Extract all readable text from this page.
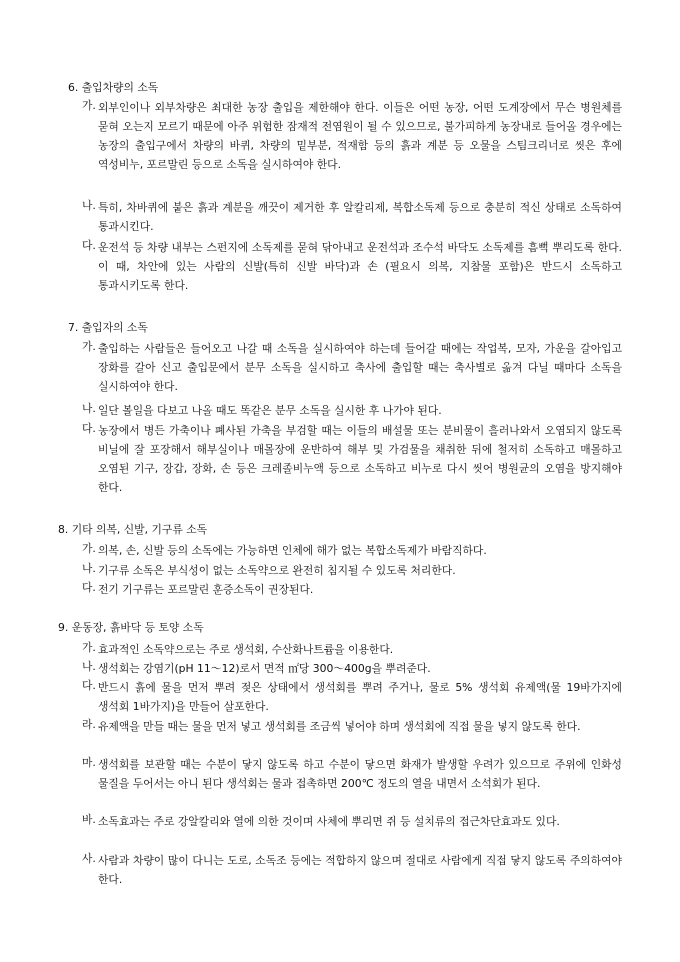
6. 출입차량의 소독
가. 외부인이나 외부차량은 최대한 농장 출입을 제한해야 한다. 이들은 어떤 농장, 어떤 도계장에서 무슨 병원체를 묻혀 오는지 모르기 때문에 아주 위험한 잠재적 전염원이 될 수 있으므로, 불가피하게 농장내로 들어올 경우에는 농장의 출입구에서 차량의 바퀴, 차량의 밑부분, 적재함 등의 흙과 계분 등 오물을 스팀크리너로 씻은 후에 역성비누, 포르말린 등으로 소독을 실시하여야 한다.
나. 특히, 차바퀴에 붙은 흙과 계분을 깨끗이 제거한 후 알칼리제, 복합소독제 등으로 충분히 적신 상태로 소독하여 통과시킨다.
다. 운전석 등 차량 내부는 스펀지에 소독제를 묻혀 닦아내고 운전석과 조수석 바닥도 소독제를 흠뻑 뿌리도록 한다. 이 때, 차안에 있는 사람의 신발(특히 신발 바닥)과 손 (필요시 의복, 지참물 포함)은 반드시 소독하고 통과시키도록 한다.
7. 출입자의 소독
가. 출입하는 사람들은 들어오고 나갈 때 소독을 실시하여야 하는데 들어갈 때에는 작업복, 모자, 가운을 갈아입고 장화를 갈아 신고 출입문에서 분무 소독을 실시하고 축사에 출입할 때는 축사별로 옮겨 다닐 때마다 소독을 실시하여야 한다.
나. 일단 볼일을 다보고 나올 때도 똑같은 분무 소독을 실시한 후 나가야 된다.
다. 농장에서 병든 가축이나 폐사된 가축을 부검할 때는 이들의 배설물 또는 분비물이 흘러나와서 오염되지 않도록 비닐에 잘 포장해서 해부실이나 매몰장에 운반하여 해부 및 가검물을 채취한 뒤에 철저히 소독하고 매몰하고 오염된 기구, 장갑, 장화, 손 등은 크레졸비누액 등으로 소독하고 비누로 다시 씻어 병원균의 오염을 방지해야 한다.
8. 기타 의복, 신발, 기구류 소독
가. 의복, 손, 신발 등의 소독에는 가능하면 인체에 해가 없는 복합소독제가 바람직하다.
나. 기구류 소독은 부식성이 없는 소독약으로 완전히 침지될 수 있도록 처리한다.
다. 전기 기구류는 포르말린 훈증소독이 권장된다.
9. 운동장, 흙바닥 등 토양 소독
가. 효과적인 소독약으로는 주로 생석회, 수산화나트륨을 이용한다.
나. 생석회는 강염기(pH 11～12)로서 면적 ㎡당 300～400g을 뿌려준다.
다. 반드시 흙에 물을 먼저 뿌려 젖은 상태에서 생석회를 뿌려 주거나, 물로 5% 생석회 유제액(물 19바가지에 생석회 1바가지)을 만들어 살포한다.
라. 유제액을 만들 때는 물을 먼저 넣고 생석회를 조금씩 넣어야 하며 생석회에 직접 물을 넣지 않도록 한다.
마. 생석회를 보관할 때는 수분이 닿지 않도록 하고 수분이 닿으면 화재가 발생할 우려가 있으므로 주위에 인화성 물질을 두어서는 아니 된다 생석회는 물과 접촉하면 200℃ 정도의 열을 내면서 소석회가 된다.
바. 소독효과는 주로 강알칼리와 열에 의한 것이며 사체에 뿌리면 쥐 등 설치류의 접근차단효과도 있다.
사. 사람과 차량이 많이 다니는 도로, 소독조 등에는 적합하지 않으며 절대로 사람에게 직접 닿지 않도록 주의하여야 한다.
